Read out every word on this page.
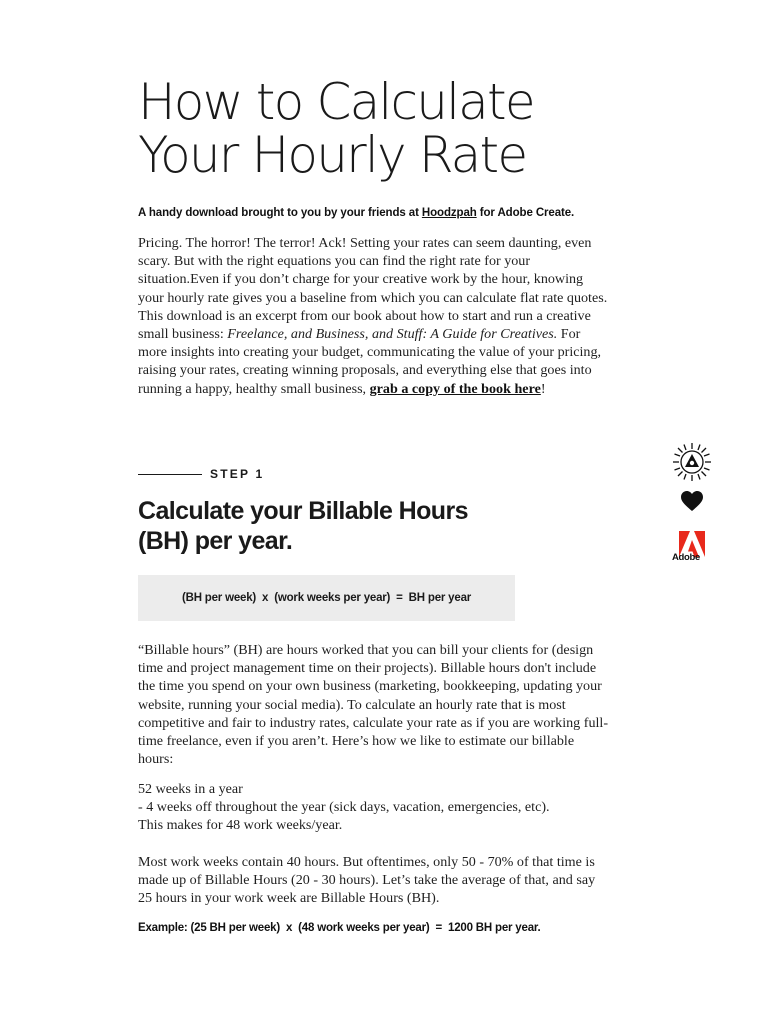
How to Calculate
Your Hourly Rate

A handy download brought to you by your friends at Hoodzpah for Adobe Create.

Pricing. The horror! The terror! Ack! Setting your rates can seem daunting, even scary. But with the right equations you can find the right rate for your situation.Even if you don’t charge for your creative work by the hour, knowing your hourly rate gives you a baseline from which you can calculate flat rate quotes. This download is an excerpt from our book about how to start and run a creative small business: Freelance, and Business, and Stuff: A Guide for Creatives. For more insights into creating your budget, communicating the value of your pricing, raising your rates, creating winning proposals, and everything else that goes into running a happy, healthy small business, grab a copy of the book here!

STEP 1
Calculate your Billable Hours (BH) per year.
(BH per week)  x  (work weeks per year)  =  BH per year

“Billable hours” (BH) are hours worked that you can bill your clients for (design time and project management time on their projects). Billable hours don't include the time you spend on your own business (marketing, bookkeeping, updating your website, running your social media). To calculate an hourly rate that is most competitive and fair to industry rates, calculate your rate as if you are working full-time freelance, even if you aren’t. Here’s how we like to estimate our billable hours:

52 weeks in a year
- 4 weeks off throughout the year (sick days, vacation, emergencies, etc).
This makes for 48 work weeks/year.

Most work weeks contain 40 hours. But oftentimes, only 50 - 70% of that time is made up of Billable Hours (20 - 30 hours). Let’s take the average of that, and say 25 hours in your work week are Billable Hours (BH).

Example: (25 BH per week)  x  (48 work weeks per year)  =  1200 BH per year.

Adobe
